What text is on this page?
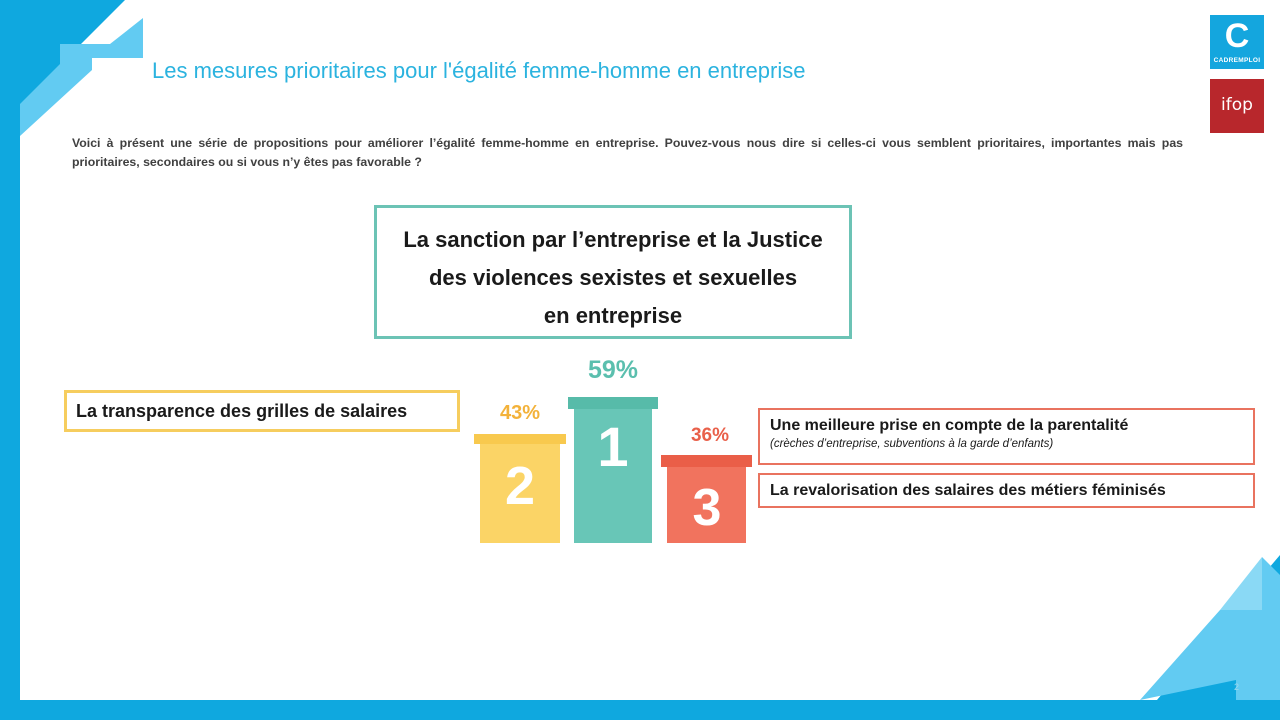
Les mesures prioritaires pour l'égalité femme-homme en entreprise
C
CADREMPLOI
ifop
Voici à présent une série de propositions pour améliorer l’égalité femme-homme en entreprise. Pouvez-vous nous dire si celles-ci vous semblent prioritaires, importantes mais pas prioritaires, secondaires ou si vous n’y êtes pas favorable ?
La sanction par l’entreprise et la Justice
des violences sexistes et sexuelles
en entreprise
La transparence des grilles de salaires
Une meilleure prise en compte de la parentalité
(crèches d’entreprise, subventions à la garde d’enfants)
La revalorisation des salaires des métiers féminisés
59%
43%
36%
2
1
3
2
